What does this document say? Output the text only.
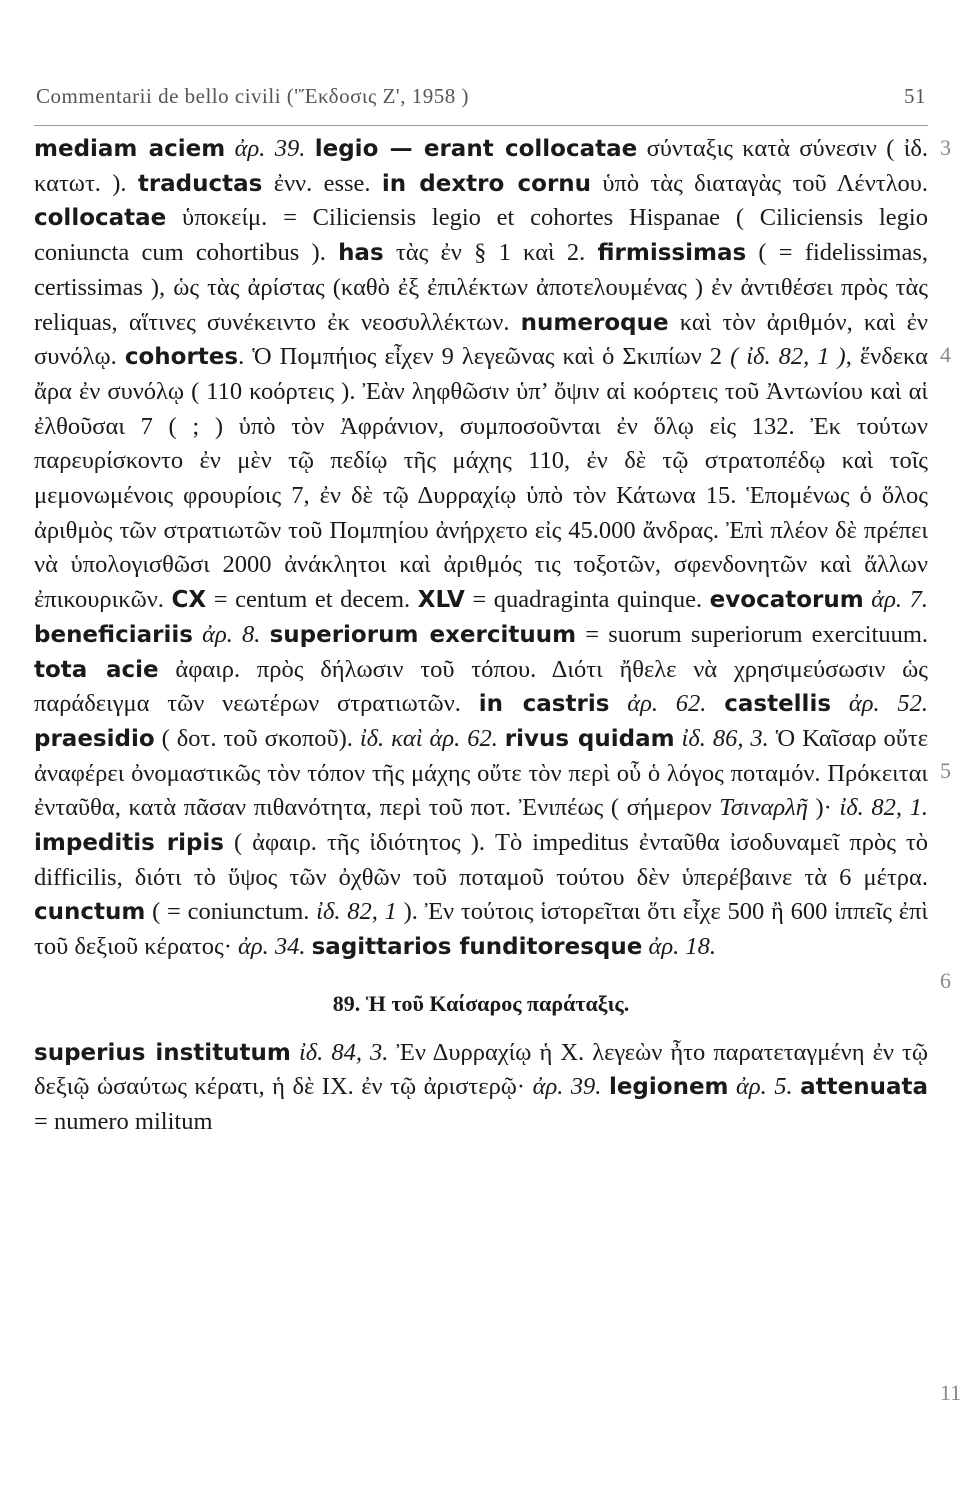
Commentarii de bello civili ('Ἔκδοσις Ζ', 1958 )	51
3
4
5
6
11

mediam aciem ἀρ. 39. legio — erant collocatae σύνταξις κατὰ σύνεσιν ( ἰδ. κατωτ. ). traductas ἐνν. esse. in dextro cornu ὑπὸ τὰς διαταγὰς τοῦ Λέντλου. collocatae ὑποκείμ. = Ciliciensis legio et cohortes Hispanae ( Ciliciensis legio coniuncta cum cohortibus ). has τὰς ἐν § 1 καὶ 2. firmissimas ( = fidelissimas, certissimas ), ὡς τὰς ἀρίστας (καθὸ ἐξ ἐπιλέκτων ἀποτελουμένας ) ἐν ἀντιθέσει πρὸς τὰς reliquas, αἵτινες συνέκειντο ἐκ νεοσυλλέκτων. numeroque καὶ τὸν ἀριθμόν, καὶ ἐν συνόλῳ. cohortes. Ὁ Πομπήιος εἶχεν 9 λεγεῶνας καὶ ὁ Σκιπίων 2 ( ἰδ. 82, 1 ), ἕνδεκα ἄρα ἐν συνόλῳ ( 110 κοόρτεις ). Ἐὰν ληφθῶσιν ὑπ’ ὄψιν αἱ κοόρτεις τοῦ Ἀντωνίου καὶ αἱ ἐλθοῦσαι 7 ( ; ) ὑπὸ τὸν Ἀφράνιον, συμποσοῦνται ἐν ὅλῳ εἰς 132. Ἐκ τούτων παρευρίσκοντο ἐν μὲν τῷ πεδίῳ τῆς μάχης 110, ἐν δὲ τῷ στρατοπέδῳ καὶ τοῖς μεμονωμένοις φρουρίοις 7, ἐν δὲ τῷ Δυρραχίῳ ὑπὸ τὸν Κάτωνα 15. Ἑπομένως ὁ ὅλος ἀριθμὸς τῶν στρατιωτῶν τοῦ Πομπηίου ἀνήρχετο εἰς 45.000 ἄνδρας. Ἐπὶ πλέον δὲ πρέπει νὰ ὑπολογισθῶσι 2000 ἀνάκλητοι καὶ ἀριθμός τις τοξοτῶν, σφενδονητῶν καὶ ἄλλων ἐπικουρικῶν. CX = centum et decem. XLV = quadraginta quinque. evocatorum ἀρ. 7. beneficiariis ἀρ. 8. superiorum exercituum = suorum superiorum exercituum. tota acie ἀφαιρ. πρὸς δήλωσιν τοῦ τόπου. Διότι ἤθελε νὰ χρησιμεύσωσιν ὡς παράδειγμα τῶν νεωτέρων στρατιωτῶν. in castris ἀρ. 62. castellis ἀρ. 52. praesidio ( δοτ. τοῦ σκοποῦ). ἰδ. καὶ ἀρ. 62. rivus quidam ἰδ. 86, 3. Ὁ Καῖσαρ οὔτε ἀναφέρει ὀνομαστικῶς τὸν τόπον τῆς μάχης οὔτε τὸν περὶ οὗ ὁ λόγος ποταμόν. Πρόκειται ἐνταῦθα, κατὰ πᾶσαν πιθανότητα, περὶ τοῦ ποτ. Ἐνιπέως ( σήμερον Τσιναρλῆ )· ἰδ. 82, 1. impeditis ripis ( ἀφαιρ. τῆς ἰδιότητος ). Τὸ impeditus ἐνταῦθα ἰσοδυναμεῖ πρὸς τὸ difficilis, διότι τὸ ὕψος τῶν ὀχθῶν τοῦ ποταμοῦ τούτου δὲν ὑπερέβαινε τὰ 6 μέτρα. cunctum ( = coniunctum. ἰδ. 82, 1 ). Ἐν τούτοις ἱστορεῖται ὅτι εἶχε 500 ἢ 600 ἱππεῖς ἐπὶ τοῦ δεξιοῦ κέρατος· ἀρ. 34. sagittarios funditoresque ἀρ. 18.

89. Ἡ τοῦ Καίσαρος παράταξις.

superius institutum ἰδ. 84, 3. Ἐν Δυρραχίῳ ἡ X. λεγεὼν ἦτο παρατεταγμένη ἐν τῷ δεξιῷ ὡσαύτως κέρατι, ἡ δὲ IX. ἐν τῷ ἀριστερῷ· ἀρ. 39. legionem ἀρ. 5. attenuata = numero militum
